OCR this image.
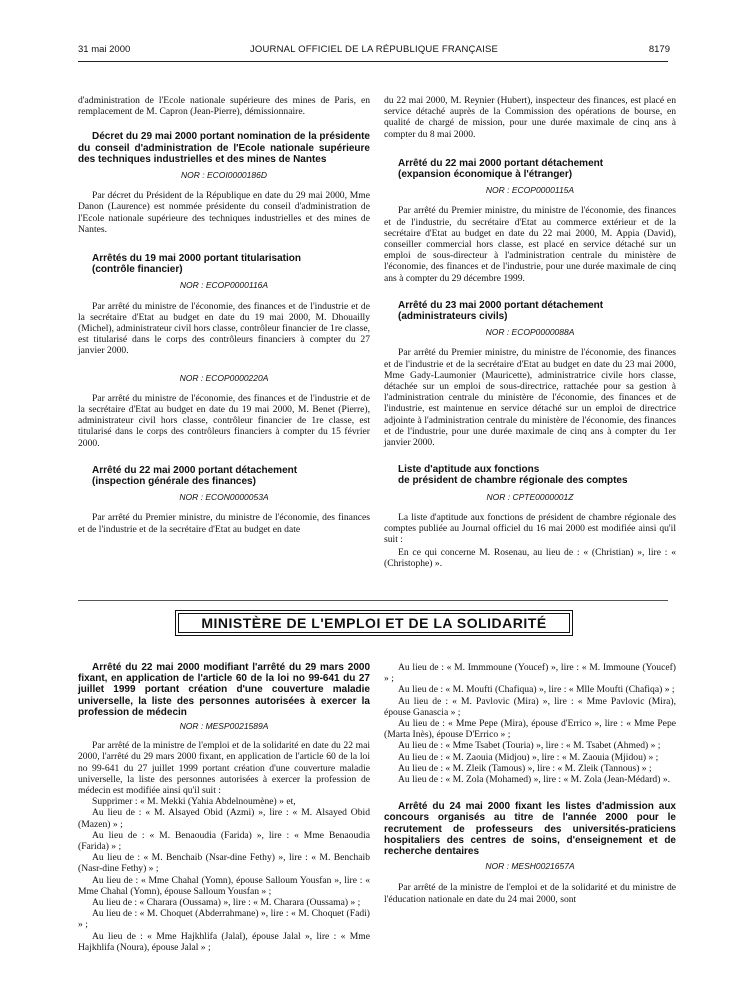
31 mai 2000	JOURNAL OFFICIEL DE LA RÉPUBLIQUE FRANÇAISE	8179

d'administration de l'Ecole nationale supérieure des mines de Paris, en remplacement de M. Capron (Jean-Pierre), démissionnaire.

Décret du 29 mai 2000 portant nomination de la présidente du conseil d'administration de l'Ecole nationale supérieure des techniques industrielles et des mines de Nantes

NOR : ECOI0000186D

Par décret du Président de la République en date du 29 mai 2000, Mme Danon (Laurence) est nommée présidente du conseil d'administration de l'Ecole nationale supérieure des techniques industrielles et des mines de Nantes.

Arrêtés du 19 mai 2000 portant titularisation

(contrôle financier)

NOR : ECOP0000116A

Par arrêté du ministre de l'économie, des finances et de l'industrie et de la secrétaire d'Etat au budget en date du 19 mai 2000, M. Dhouailly (Michel), administrateur civil hors classe, contrôleur financier de 1re classe, est titularisé dans le corps des contrôleurs financiers à compter du 27 janvier 2000.

NOR : ECOP0000220A

Par arrêté du ministre de l'économie, des finances et de l'industrie et de la secrétaire d'Etat au budget en date du 19 mai 2000, M. Benet (Pierre), administrateur civil hors classe, contrôleur financier de 1re classe, est titularisé dans le corps des contrôleurs financiers à compter du 15 février 2000.

Arrêté du 22 mai 2000 portant détachement

(inspection générale des finances)

NOR : ECON0000053A

Par arrêté du Premier ministre, du ministre de l'économie, des finances et de l'industrie et de la secrétaire d'Etat au budget en date

du 22 mai 2000, M. Reynier (Hubert), inspecteur des finances, est placé en service détaché auprès de la Commission des opérations de bourse, en qualité de chargé de mission, pour une durée maximale de cinq ans à compter du 8 mai 2000.

Arrêté du 22 mai 2000 portant détachement

(expansion économique à l'étranger)

NOR : ECOP0000115A

Par arrêté du Premier ministre, du ministre de l'économie, des finances et de l'industrie, du secrétaire d'Etat au commerce extérieur et de la secrétaire d'Etat au budget en date du 22 mai 2000, M. Appia (David), conseiller commercial hors classe, est placé en service détaché sur un emploi de sous-directeur à l'administration centrale du ministère de l'économie, des finances et de l'industrie, pour une durée maximale de cinq ans à compter du 29 décembre 1999.

Arrêté du 23 mai 2000 portant détachement

(administrateurs civils)

NOR : ECOP0000088A

Par arrêté du Premier ministre, du ministre de l'économie, des finances et de l'industrie et de la secrétaire d'Etat au budget en date du 23 mai 2000, Mme Gady-Laumonier (Mauricette), administratrice civile hors classe, détachée sur un emploi de sous-directrice, rattachée pour sa gestion à l'administration centrale du ministère de l'économie, des finances et de l'industrie, est maintenue en service détaché sur un emploi de directrice adjointe à l'administration centrale du ministère de l'économie, des finances et de l'industrie, pour une durée maximale de cinq ans à compter du 1er janvier 2000.

Liste d'aptitude aux fonctions

de président de chambre régionale des comptes

NOR : CPTE0000001Z

La liste d'aptitude aux fonctions de président de chambre régionale des comptes publiée au Journal officiel du 16 mai 2000 est modifiée ainsi qu'il suit :

En ce qui concerne M. Rosenau, au lieu de : « (Christian) », lire : « (Christophe) ».

MINISTÈRE DE L'EMPLOI ET DE LA SOLIDARITÉ

Arrêté du 22 mai 2000 modifiant l'arrêté du 29 mars 2000 fixant, en application de l'article 60 de la loi no 99-641 du 27 juillet 1999 portant création d'une couverture maladie universelle, la liste des personnes autorisées à exercer la profession de médecin

NOR : MESP0021589A

Par arrêté de la ministre de l'emploi et de la solidarité en date du 22 mai 2000, l'arrêté du 29 mars 2000 fixant, en application de l'article 60 de la loi no 99-641 du 27 juillet 1999 portant création d'une couverture maladie universelle, la liste des personnes autorisées à exercer la profession de médecin est modifiée ainsi qu'il suit :

Supprimer : « M. Mekki (Yahia Abdelnoumène) » et,

Au lieu de : « M. Alsayed Obid (Azmi) », lire : « M. Alsayed Obid (Mazen) » ;

Au lieu de : « M. Benaoudia (Farida) », lire : « Mme Benaoudia (Farida) » ;

Au lieu de : « M. Benchaib (Nsar-dine Fethy) », lire : « M. Benchaib (Nasr-dine Fethy) » ;

Au lieu de : « Mme Chahal (Yomn), épouse Salloum Yousfan », lire : « Mme Chahal (Yomn), épouse Salloum Yousfan » ;

Au lieu de : « Charara (Oussama) », lire : « M. Charara (Oussama) » ;

Au lieu de : « M. Choquet (Abderrahmane) », lire : « M. Choquet (Fadi) » ;

Au lieu de : « Mme Hajkhlifa (Jalal), épouse Jalal », lire : « Mme Hajkhlifa (Noura), épouse Jalal » ;

Au lieu de : « M. Immmoune (Youcef) », lire : « M. Immoune (Youcef) » ;

Au lieu de : « M. Moufti (Chafiqua) », lire : « Mlle Moufti (Chafiqa) » ;

Au lieu de : « M. Pavlovic (Mira) », lire : « Mme Pavlovic (Mira), épouse Ganascia » ;

Au lieu de : « Mme Pepe (Mira), épouse d'Errico », lire : « Mme Pepe (Marta Inès), épouse D'Errico » ;

Au lieu de : « Mme Tsabet (Touria) », lire : « M. Tsabet (Ahmed) » ;

Au lieu de : « M. Zaouia (Midjou) », lire : « M. Zaouia (Mjidou) » ;

Au lieu de : « M. Zleik (Tamous) », lire : « M. Zleik (Tannous) » ;

Au lieu de : « M. Zola (Mohamed) », lire : « M. Zola (Jean-Médard) ».

Arrêté du 24 mai 2000 fixant les listes d'admission aux concours organisés au titre de l'année 2000 pour le recrutement de professeurs des universités-praticiens hospitaliers des centres de soins, d'enseignement et de recherche dentaires

NOR : MESH0021657A

Par arrêté de la ministre de l'emploi et de la solidarité et du ministre de l'éducation nationale en date du 24 mai 2000, sont
